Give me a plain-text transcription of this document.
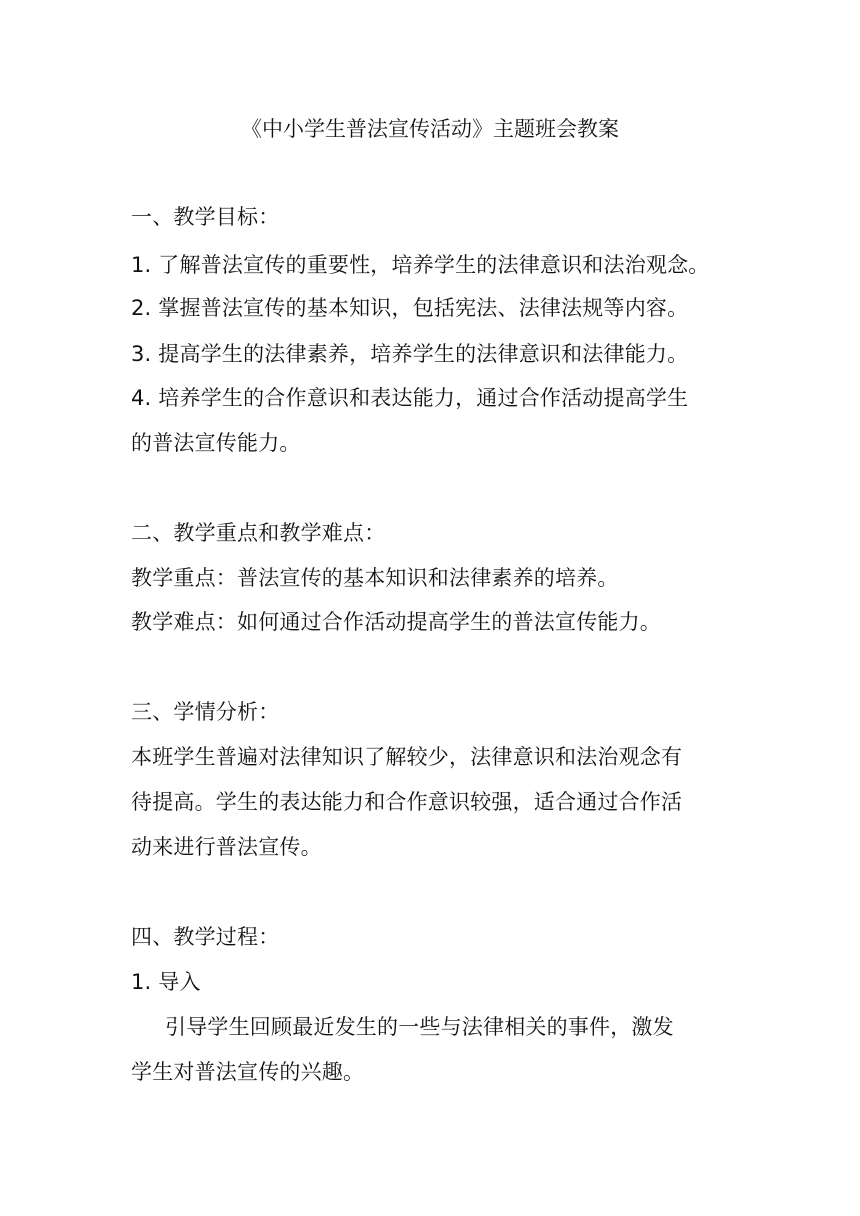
《中小学生普法宣传活动》主题班会教案
一、教学目标：
1. 了解普法宣传的重要性，培养学生的法律意识和法治观念。
2. 掌握普法宣传的基本知识，包括宪法、法律法规等内容。
3. 提高学生的法律素养，培养学生的法律意识和法律能力。
4. 培养学生的合作意识和表达能力，通过合作活动提高学生
的普法宣传能力。
二、教学重点和教学难点：
教学重点：普法宣传的基本知识和法律素养的培养。
教学难点：如何通过合作活动提高学生的普法宣传能力。
三、学情分析：
本班学生普遍对法律知识了解较少，法律意识和法治观念有
待提高。学生的表达能力和合作意识较强，适合通过合作活
动来进行普法宣传。
四、教学过程：
1. 导入
引导学生回顾最近发生的一些与法律相关的事件，激发
学生对普法宣传的兴趣。
